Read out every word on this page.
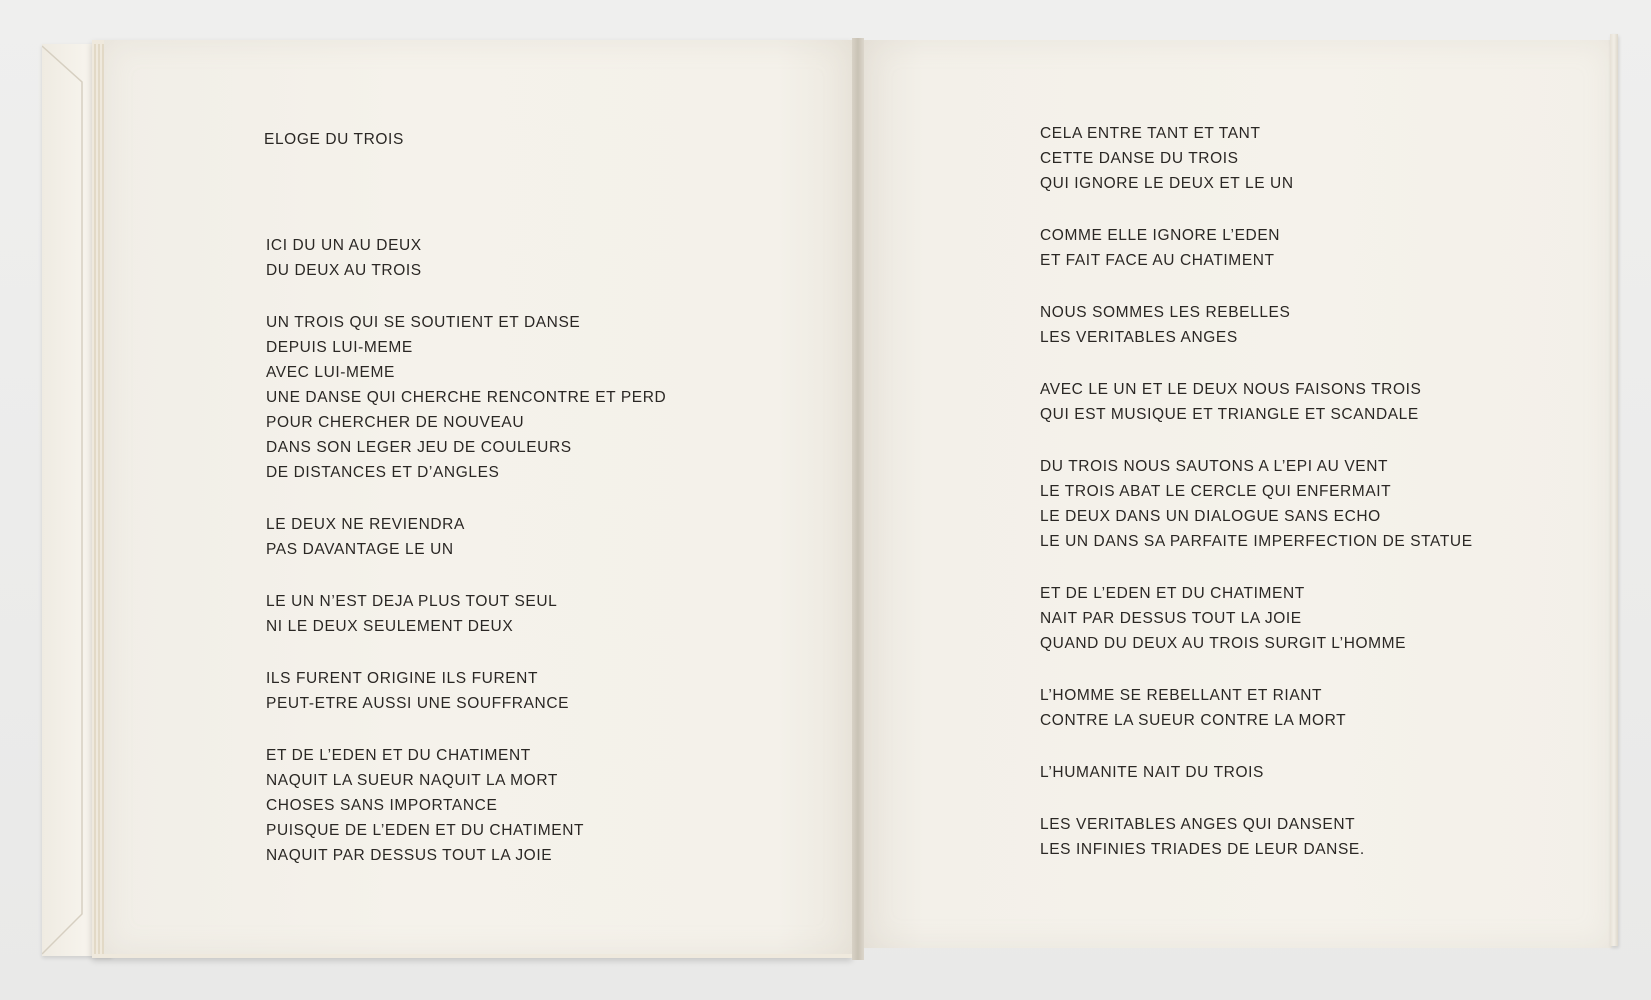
ELOGE DU TROIS
ICI DU UN AU DEUX
DU DEUX AU TROIS
UN TROIS QUI SE SOUTIENT ET DANSE
DEPUIS LUI-MEME
AVEC LUI-MEME
UNE DANSE QUI CHERCHE RENCONTRE ET PERD
POUR CHERCHER DE NOUVEAU
DANS SON LEGER JEU DE COULEURS
DE DISTANCES ET D’ANGLES
LE DEUX NE REVIENDRA
PAS DAVANTAGE LE UN
LE UN N’EST DEJA PLUS TOUT SEUL
NI LE DEUX SEULEMENT DEUX
ILS FURENT ORIGINE ILS FURENT
PEUT-ETRE AUSSI UNE SOUFFRANCE
ET DE L’EDEN ET DU CHATIMENT
NAQUIT LA SUEUR NAQUIT LA MORT
CHOSES SANS IMPORTANCE
PUISQUE DE L’EDEN ET DU CHATIMENT
NAQUIT PAR DESSUS TOUT LA JOIE
CELA ENTRE TANT ET TANT
CETTE DANSE DU TROIS
QUI IGNORE LE DEUX ET LE UN
COMME ELLE IGNORE L’EDEN
ET FAIT FACE AU CHATIMENT
NOUS SOMMES LES REBELLES
LES VERITABLES ANGES
AVEC LE UN ET LE DEUX NOUS FAISONS TROIS
QUI EST MUSIQUE ET TRIANGLE ET SCANDALE
DU TROIS NOUS SAUTONS A L’EPI AU VENT
LE TROIS ABAT LE CERCLE QUI ENFERMAIT
LE DEUX DANS UN DIALOGUE SANS ECHO
LE UN DANS SA PARFAITE IMPERFECTION DE STATUE
ET DE L’EDEN ET DU CHATIMENT
NAIT PAR DESSUS TOUT LA JOIE
QUAND DU DEUX AU TROIS SURGIT L’HOMME
L’HOMME SE REBELLANT ET RIANT
CONTRE LA SUEUR CONTRE LA MORT
L’HUMANITE NAIT DU TROIS
LES VERITABLES ANGES QUI DANSENT
LES INFINIES TRIADES DE LEUR DANSE.
